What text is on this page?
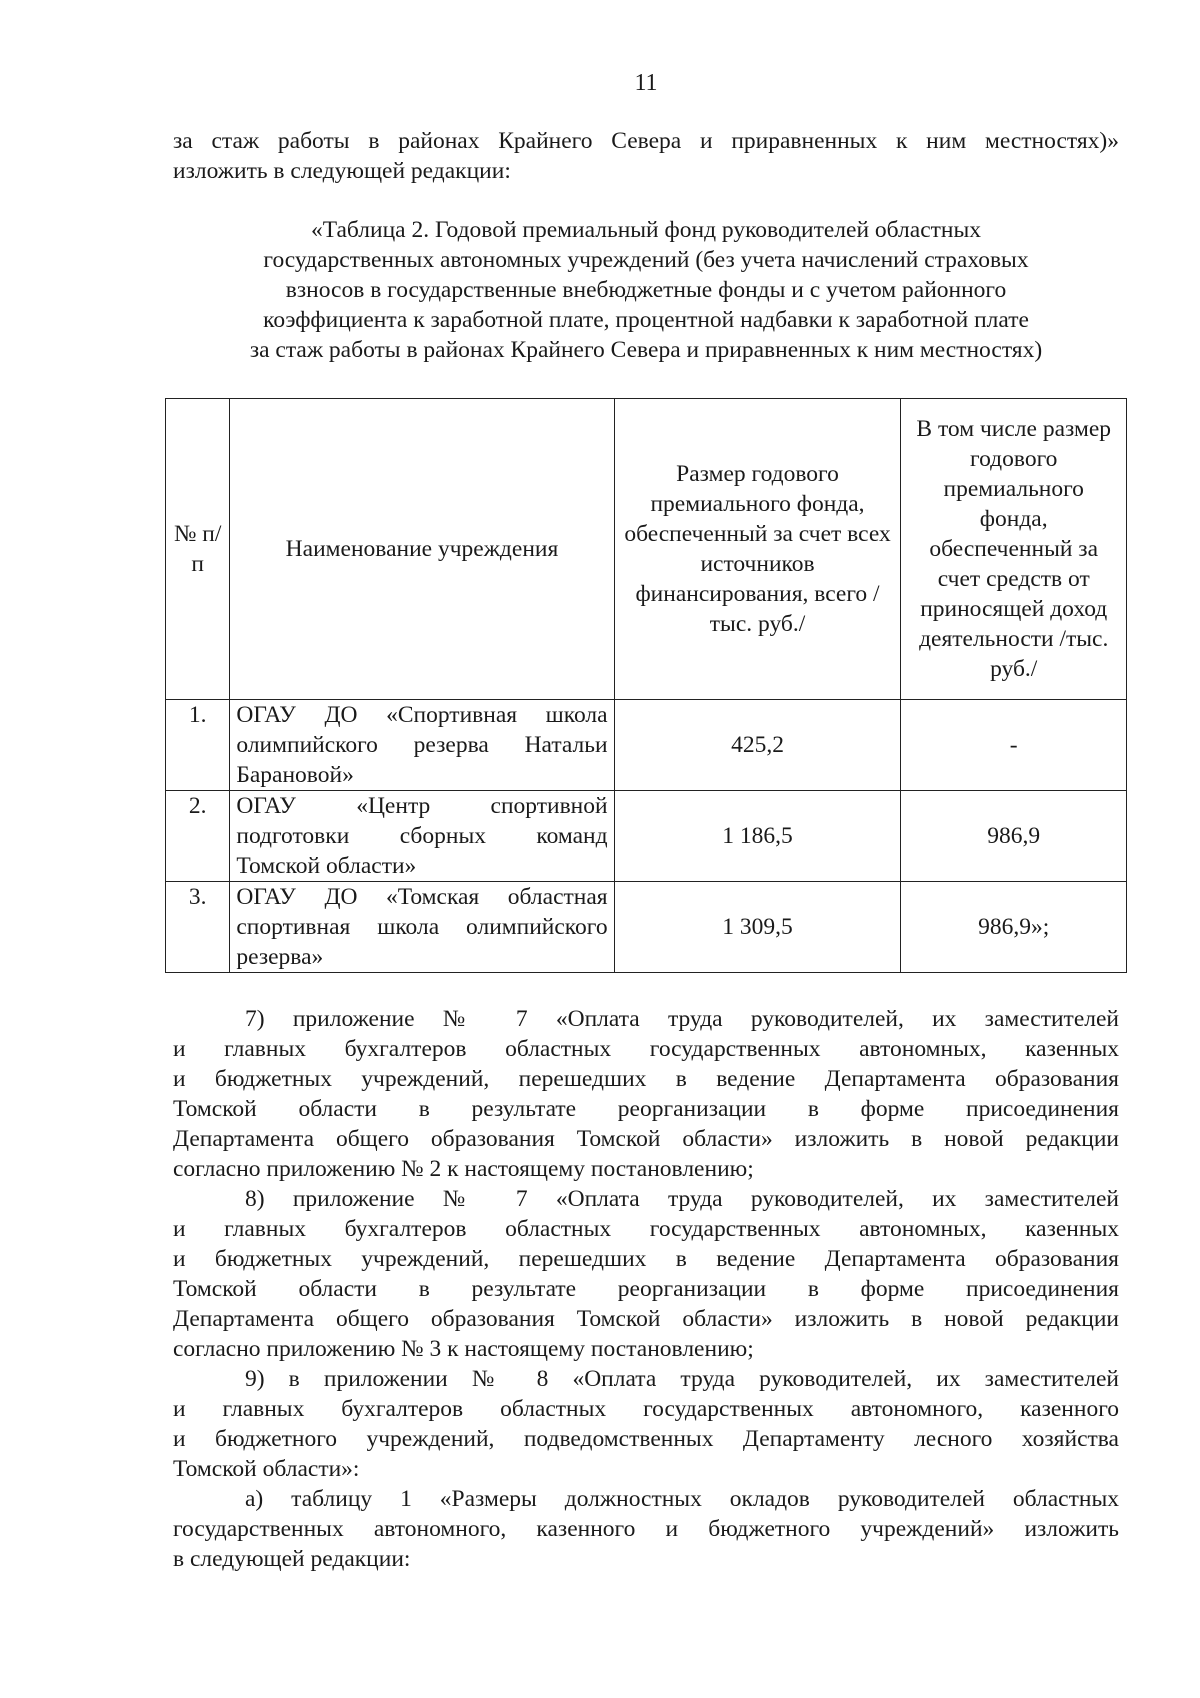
11
за стаж работы в районах Крайнего Севера и приравненных к ним местностях)»
изложить в следующей редакции:
«Таблица 2. Годовой премиальный фонд руководителей областных
государственных автономных учреждений (без учета начислений страховых
взносов в государственные внебюджетные фонды и с учетом районного
коэффициента к заработной плате, процентной надбавки к заработной плате
за стаж работы в районах Крайнего Севера и приравненных к ним местностях)
№ п/п	Наименование учреждения	Размер годового премиального фонда, обеспеченный за счет всех источников финансирования, всего /тыс. руб./	В том числе размер годового премиального фонда, обеспеченный за счет средств от приносящей доход деятельности /тыс. руб./
1.	ОГАУ ДО «Спортивная школа олимпийского резерва Натальи Барановой»	425,2	-
2.	ОГАУ «Центр спортивной подготовки сборных команд Томской области»	1 186,5	986,9
3.	ОГАУ ДО «Томская областная спортивная школа олимпийского резерва»	1 309,5	986,9»;

7) приложение № 7 «Оплата труда руководителей, их заместителей
и главных бухгалтеров областных государственных автономных, казенных
и бюджетных учреждений, перешедших в ведение Департамента образования
Томской области в результате реорганизации в форме присоединения
Департамента общего образования Томской области» изложить в новой редакции
согласно приложению № 2 к настоящему постановлению;

8) приложение № 7 «Оплата труда руководителей, их заместителей
и главных бухгалтеров областных государственных автономных, казенных
и бюджетных учреждений, перешедших в ведение Департамента образования
Томской области в результате реорганизации в форме присоединения
Департамента общего образования Томской области» изложить в новой редакции
согласно приложению № 3 к настоящему постановлению;

9) в приложении № 8 «Оплата труда руководителей, их заместителей
и главных бухгалтеров областных государственных автономного, казенного
и бюджетного учреждений, подведомственных Департаменту лесного хозяйства
Томской области»:

а) таблицу 1 «Размеры должностных окладов руководителей областных
государственных автономного, казенного и бюджетного учреждений» изложить
в следующей редакции:
